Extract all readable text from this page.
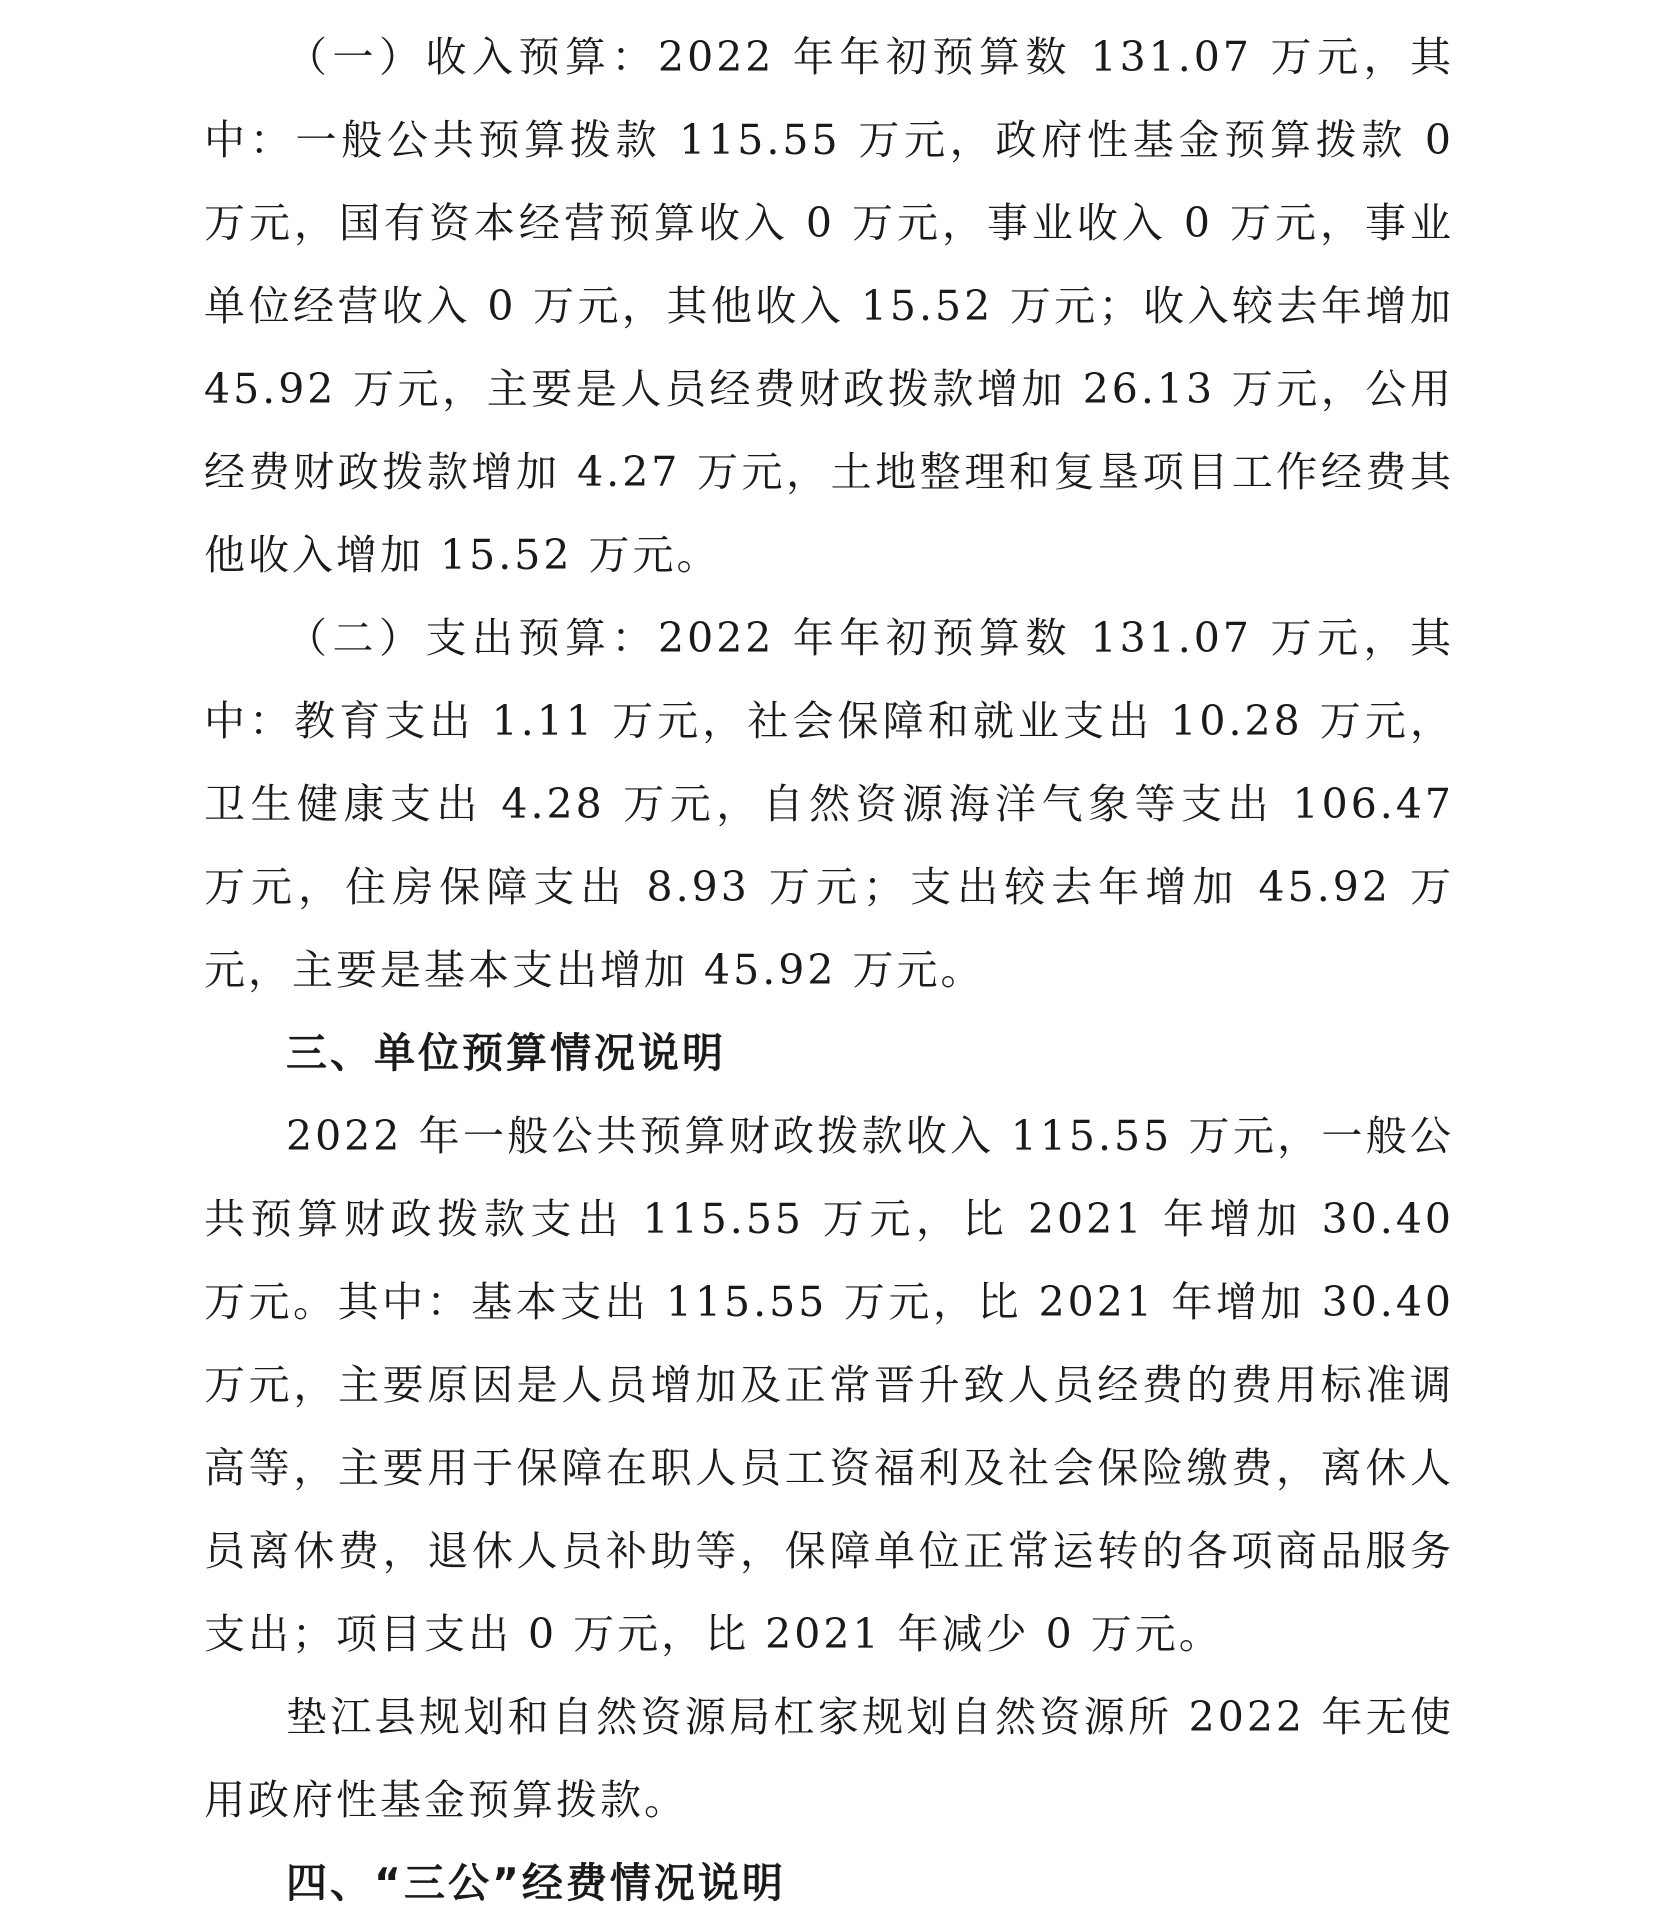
（一）收入预算：2022 年年初预算数 131.07 万元，其中：一般公共预算拨款 115.55 万元，政府性基金预算拨款 0 万元，国有资本经营预算收入 0 万元，事业收入 0 万元，事业单位经营收入 0 万元，其他收入 15.52 万元；收入较去年增加 45.92 万元，主要是人员经费财政拨款增加 26.13 万元，公用经费财政拨款增加 4.27 万元，土地整理和复垦项目工作经费其他收入增加 15.52 万元。

（二）支出预算：2022 年年初预算数 131.07 万元，其中：教育支出 1.11 万元，社会保障和就业支出 10.28 万元，卫生健康支出 4.28 万元，自然资源海洋气象等支出 106.47 万元，住房保障支出 8.93 万元；支出较去年增加 45.92 万元，主要是基本支出增加 45.92 万元。

三、单位预算情况说明

2022 年一般公共预算财政拨款收入 115.55 万元，一般公共预算财政拨款支出 115.55 万元，比 2021 年增加 30.40 万元。其中：基本支出 115.55 万元，比 2021 年增加 30.40 万元，主要原因是人员增加及正常晋升致人员经费的费用标准调高等，主要用于保障在职人员工资福利及社会保险缴费，离休人员离休费，退休人员补助等，保障单位正常运转的各项商品服务支出；项目支出 0 万元，比 2021 年减少 0 万元。

垫江县规划和自然资源局杠家规划自然资源所 2022 年无使用政府性基金预算拨款。

四、“三公”经费情况说明
